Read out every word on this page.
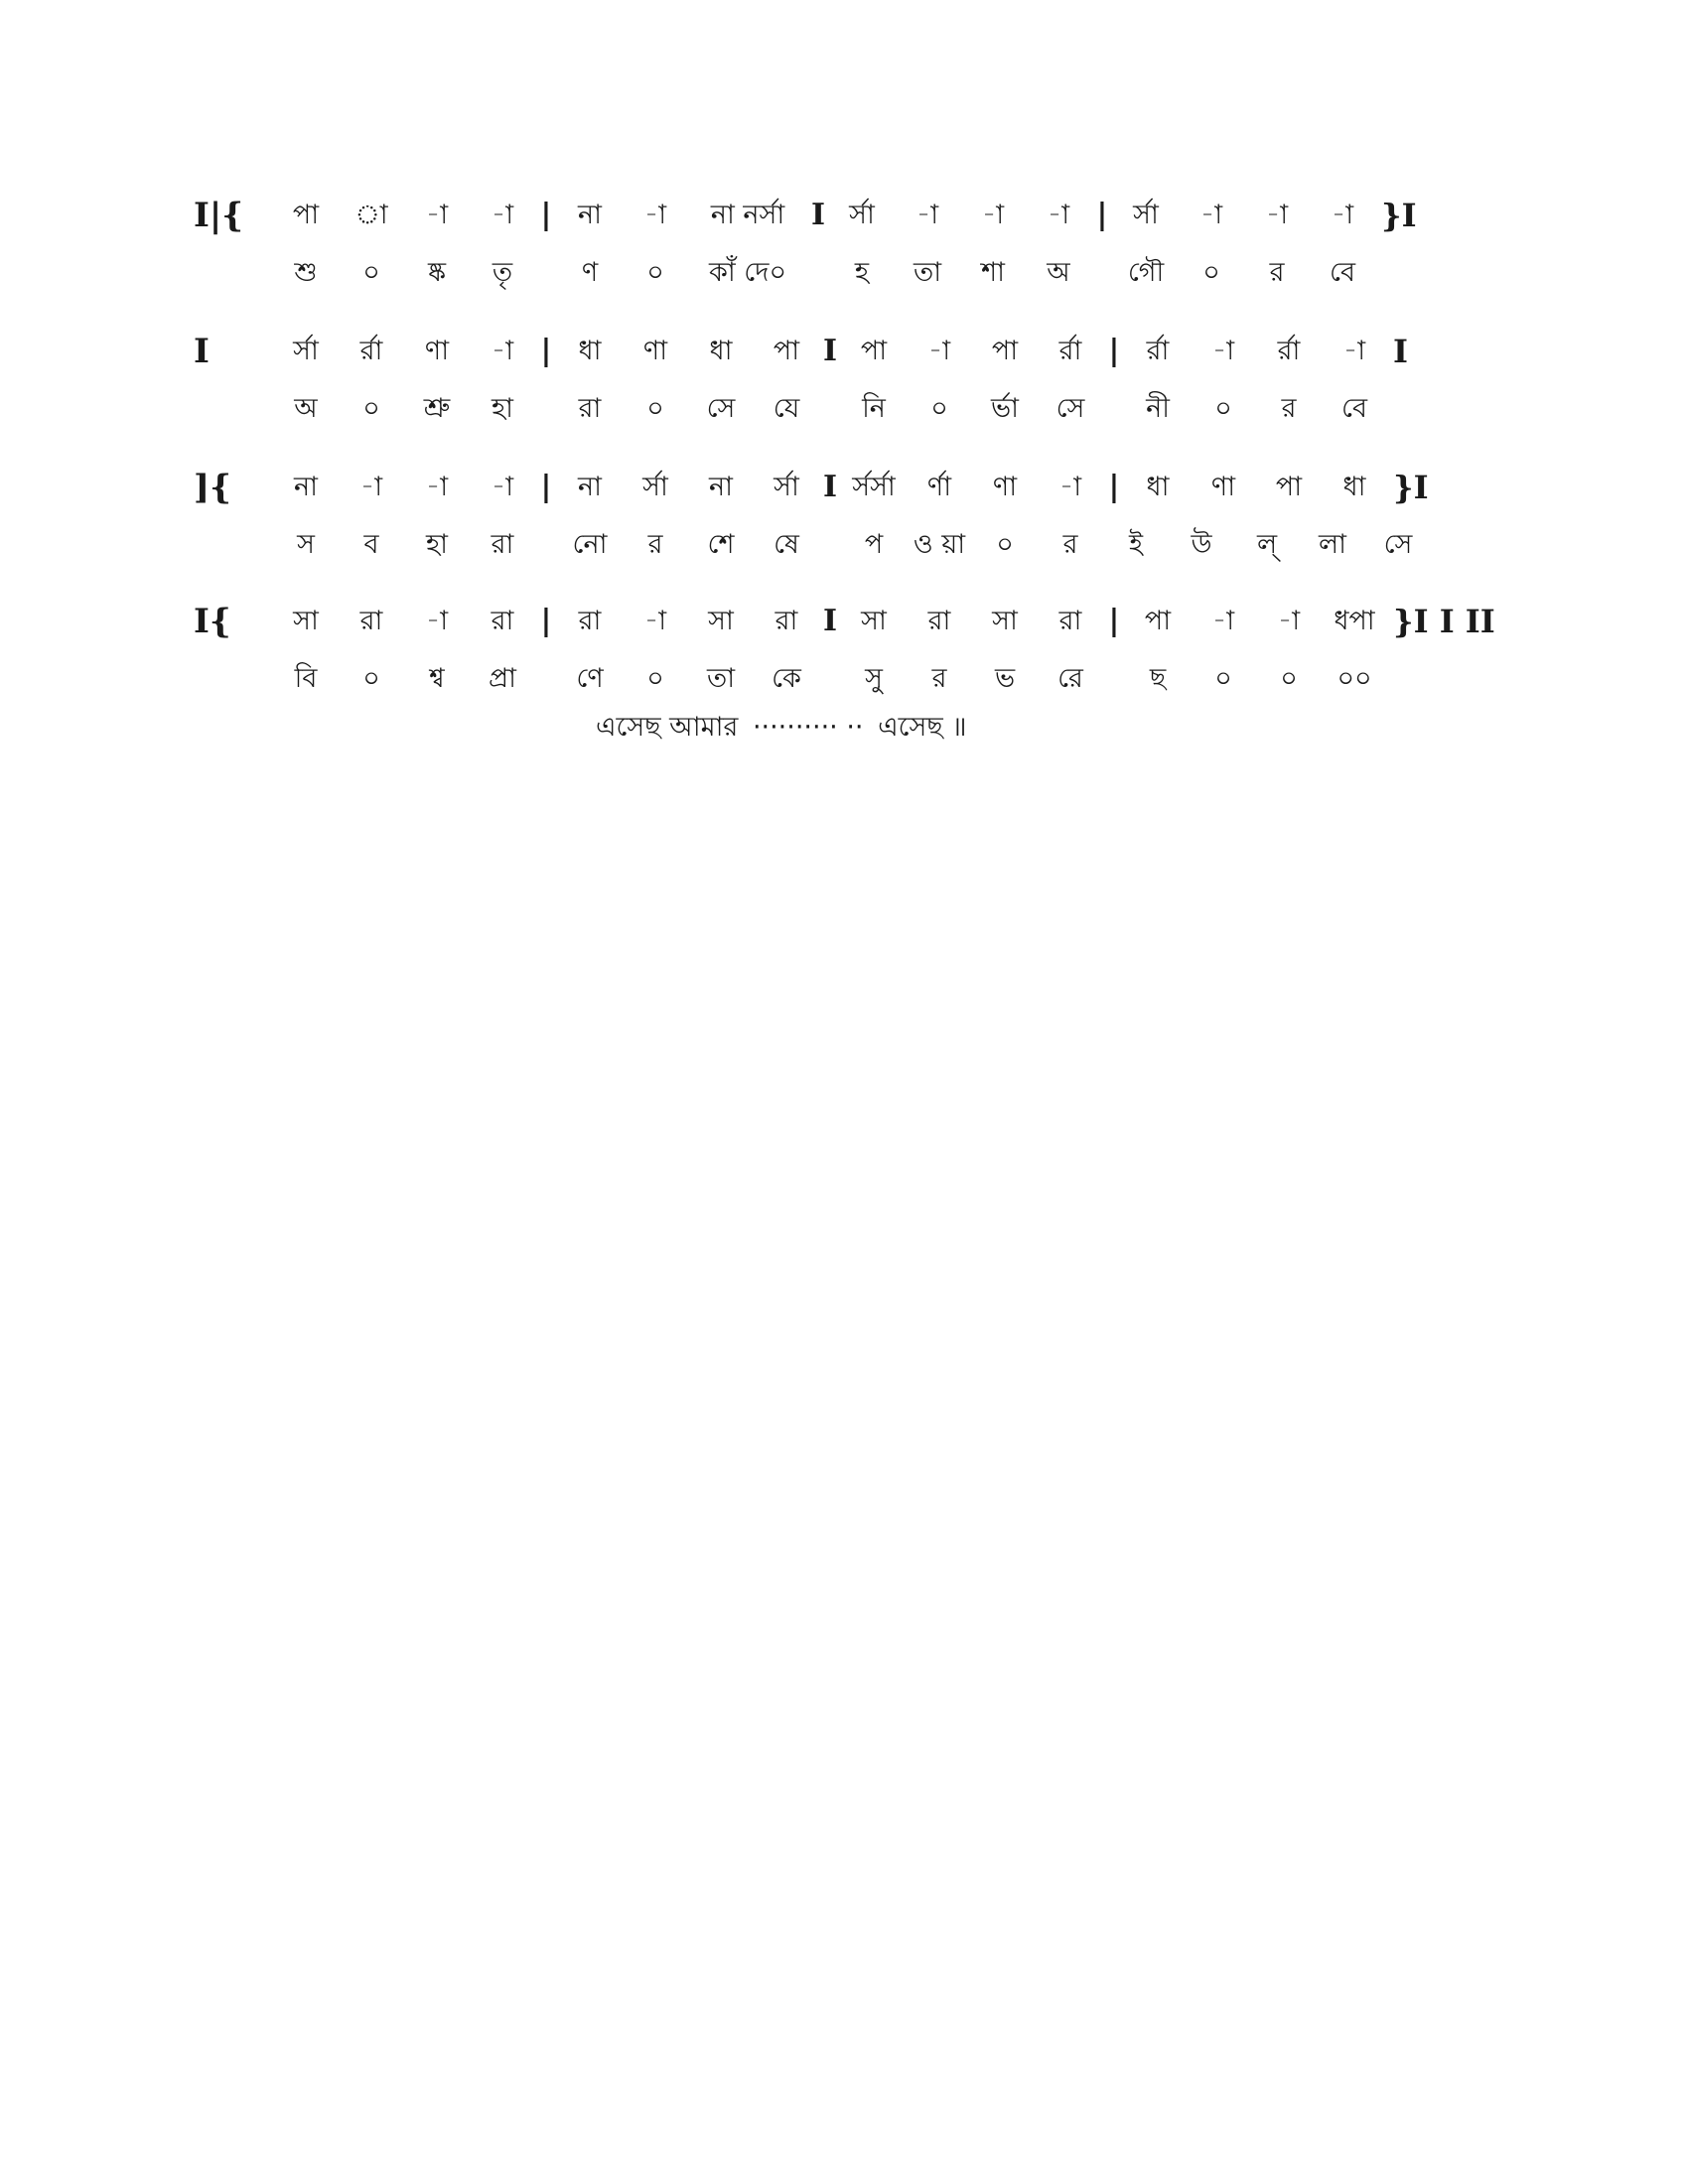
I|{	পা	া	-া	-া | না	-া	না নর্সা I র্সা	-া	-া	-া | র্সা	-া	-া	-া }I
শু	০	ষ্ক	তৃ	ণ	০	কাঁ দে০	হ	তা	শা	অ	গৌ	০	র	বে
I	র্সা	র্রা	ণা	-া |	ধা	ণা	ধা	পা I পা	-া	পা	র্রা |	র্রা	-া	র্রা	-া I
অ	০	শ্রু	হা	রা	০	সে	যে	নি	০	র্ভা	সে	নী	০	র	বে
]{	না	-া	-া	-া | না	র্সা	না	র্সা I র্সর্সা	র্ণা	ণা	-া |	ধা	ণা	পা	ধা }I
স	ব	হা	রা	নো	র	শে	ষে	প	ও য়া	০	র	ই	উ	ল্	লা	সে
I{	সা	রা	-া	রা |	রা	-া	সা	রা I সা	রা	সা	রা | পা	-া	-া	ধপা }I I II
বি	০	শ্ব	প্রা	ণে	০	তা	কে	সু	র	ভ	রে	ছ	০	০	০০
এসেছ আমার ·········· ·· এসেছ ॥
